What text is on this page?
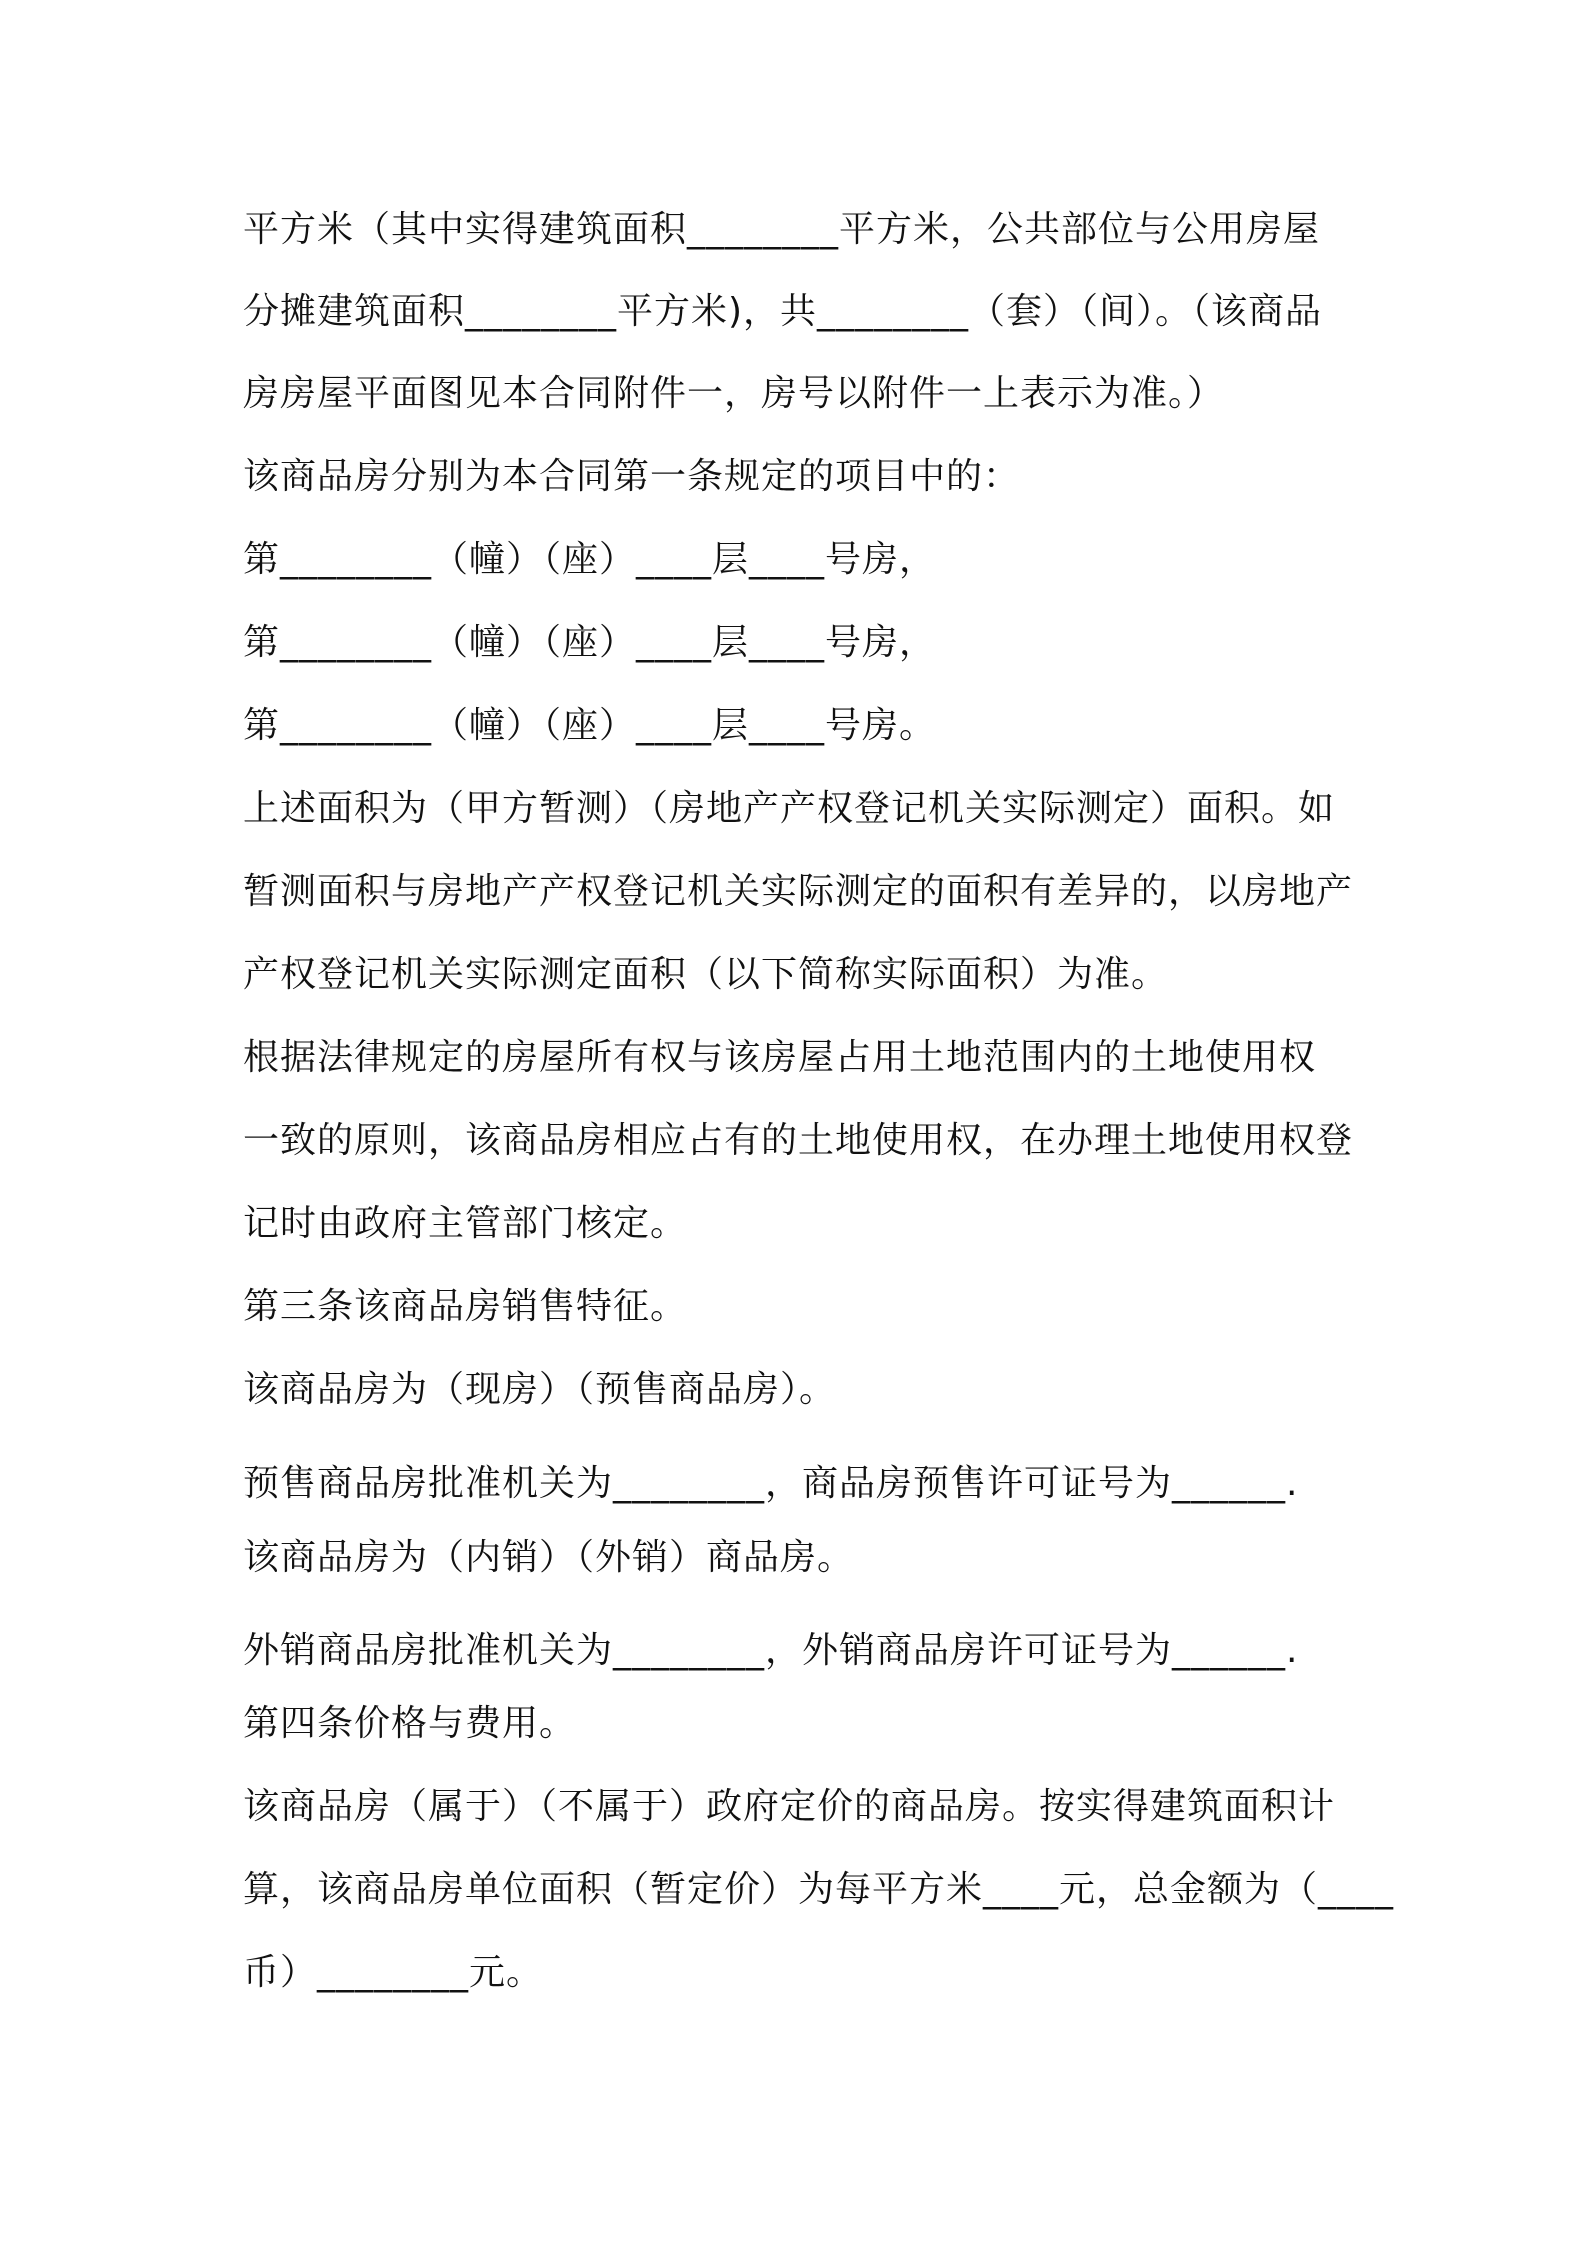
平方米（其中实得建筑面积________平方米，公共部位与公用房屋
分摊建筑面积________平方米)，共________（套）（间）。（该商品
房房屋平面图见本合同附件一，房号以附件一上表示为准。）
该商品房分别为本合同第一条规定的项目中的：
第________（幢）（座）____层____号房，
第________（幢）（座）____层____号房，
第________（幢）（座）____层____号房。
上述面积为（甲方暂测）（房地产产权登记机关实际测定）面积。如
暂测面积与房地产产权登记机关实际测定的面积有差异的，以房地产
产权登记机关实际测定面积（以下简称实际面积）为准。
根据法律规定的房屋所有权与该房屋占用土地范围内的土地使用权
一致的原则，该商品房相应占有的土地使用权，在办理土地使用权登
记时由政府主管部门核定。
第三条该商品房销售特征。
该商品房为（现房）（预售商品房）。
预售商品房批准机关为________，商品房预售许可证号为______.
该商品房为（内销）（外销）商品房。
外销商品房批准机关为________，外销商品房许可证号为______.
第四条价格与费用。
该商品房（属于）（不属于）政府定价的商品房。按实得建筑面积计
算，该商品房单位面积（暂定价）为每平方米____元，总金额为（____
币）________元。
